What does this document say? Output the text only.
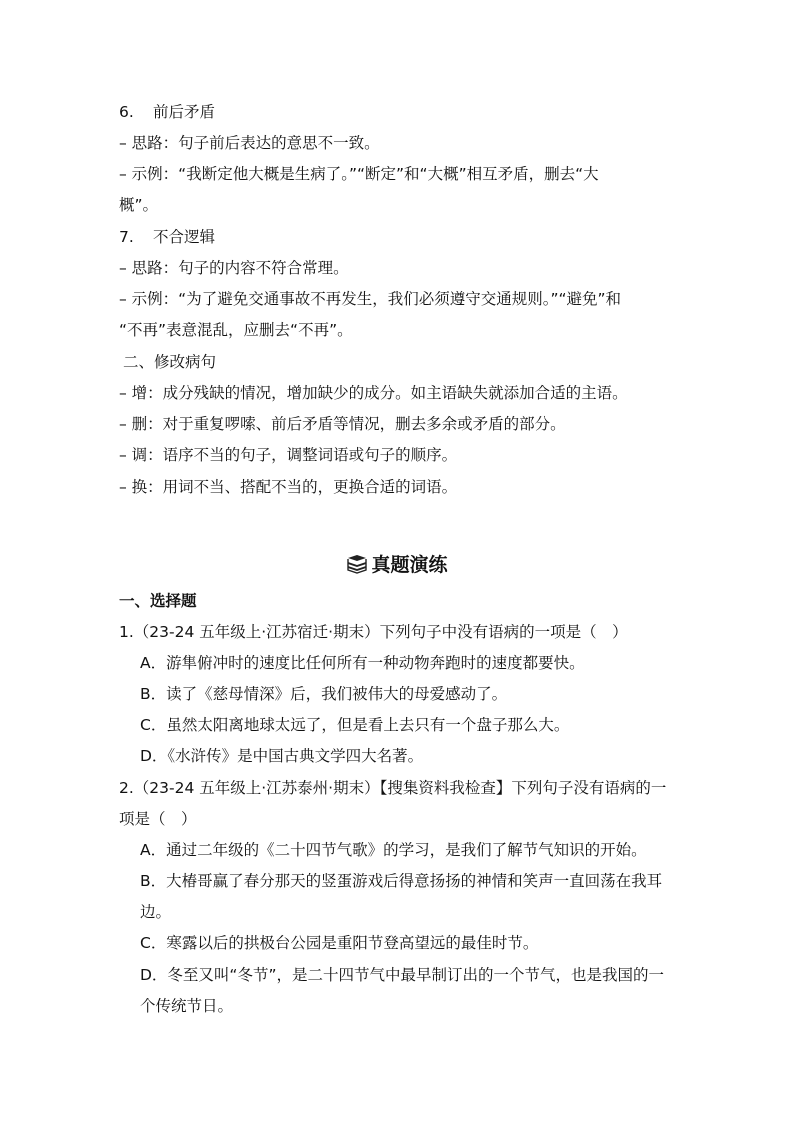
6. 前后矛盾
– 思路：句子前后表达的意思不一致。
– 示例：“我断定他大概是生病了。”“断定”和“大概”相互矛盾，删去“大
概”。
7. 不合逻辑
– 思路：句子的内容不符合常理。
– 示例：“为了避免交通事故不再发生，我们必须遵守交通规则。”“避免”和
“不再”表意混乱，应删去“不再”。
二、修改病句
– 增：成分残缺的情况，增加缺少的成分。如主语缺失就添加合适的主语。
– 删：对于重复啰嗦、前后矛盾等情况，删去多余或矛盾的部分。
– 调：语序不当的句子，调整词语或句子的顺序。
– 换：用词不当、搭配不当的，更换合适的词语。
真题演练
一、选择题
1.（23-24 五年级上·江苏宿迁·期末）下列句子中没有语病的一项是（　）
A．游隼俯冲时的速度比任何所有一种动物奔跑时的速度都要快。
B．读了《慈母情深》后，我们被伟大的母爱感动了。
C．虽然太阳离地球太远了，但是看上去只有一个盘子那么大。
D．《水浒传》是中国古典文学四大名著。
2.（23-24 五年级上·江苏泰州·期末）【搜集资料我检查】下列句子没有语病的一
项是（　）
A．通过二年级的《二十四节气歌》的学习，是我们了解节气知识的开始。
B．大椿哥赢了春分那天的竖蛋游戏后得意扬扬的神情和笑声一直回荡在我耳
边。
C．寒露以后的拱极台公园是重阳节登高望远的最佳时节。
D．冬至又叫“冬节”，是二十四节气中最早制订出的一个节气，也是我国的一
个传统节日。
